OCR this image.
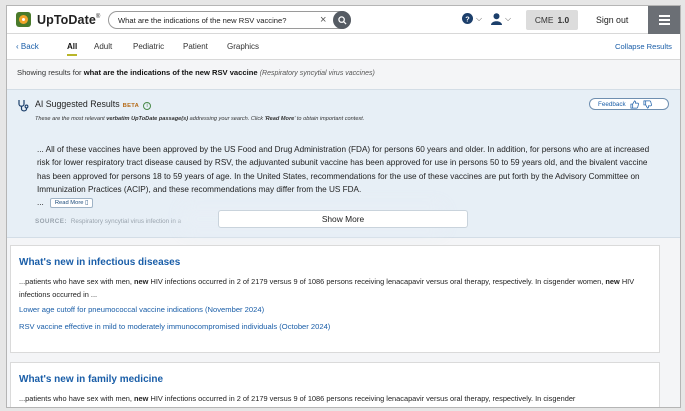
UpToDate®
What are the indications of the new RSV vaccine?	×	? ⌵	⌵	CME 1.0	Sign out
‹ Back	All Adult	Pediatric Patient Graphics	Collapse Results
Showing results for what are the indications of the new RSV vaccine (Respiratory syncytial virus vaccines)
AI Suggested Results BETA i
These are the most relevant verbatim UpToDate passage(s) addressing your search. Click 'Read More' to obtain important context.
Feedback
... All of these vaccines have been approved by the US Food and Drug Administration (FDA) for persons 60 years and older. In addition, for persons who are at increased risk for lower respiratory tract disease caused by RSV, the adjuvanted subunit vaccine has been approved for use in persons 50 to 59 years old, and the bivalent vaccine has been approved for persons 18 to 59 years of age. In the United States, recommendations for the use of these vaccines are put forth by the Advisory Committee on Immunization Practices (ACIP), and these recommendations may differ from the US FDA.
... Read More ▯
SOURCE: Respiratory syncytial virus infection in a	Show More
What's new in infectious diseases
...patients who have sex with men, new HIV infections occurred in 2 of 2179 versus 9 of 1086 persons receiving lenacapavir versus oral therapy, respectively. In cisgender women, new HIV infections occurred in ...
Lower age cutoff for pneumococcal vaccine indications (November 2024)
RSV vaccine effective in mild to moderately immunocompromised individuals (October 2024)
What's new in family medicine
...patients who have sex with men, new HIV infections occurred in 2 of 2179 versus 9 of 1086 persons receiving lenacapavir versus oral therapy, respectively. In cisgender
